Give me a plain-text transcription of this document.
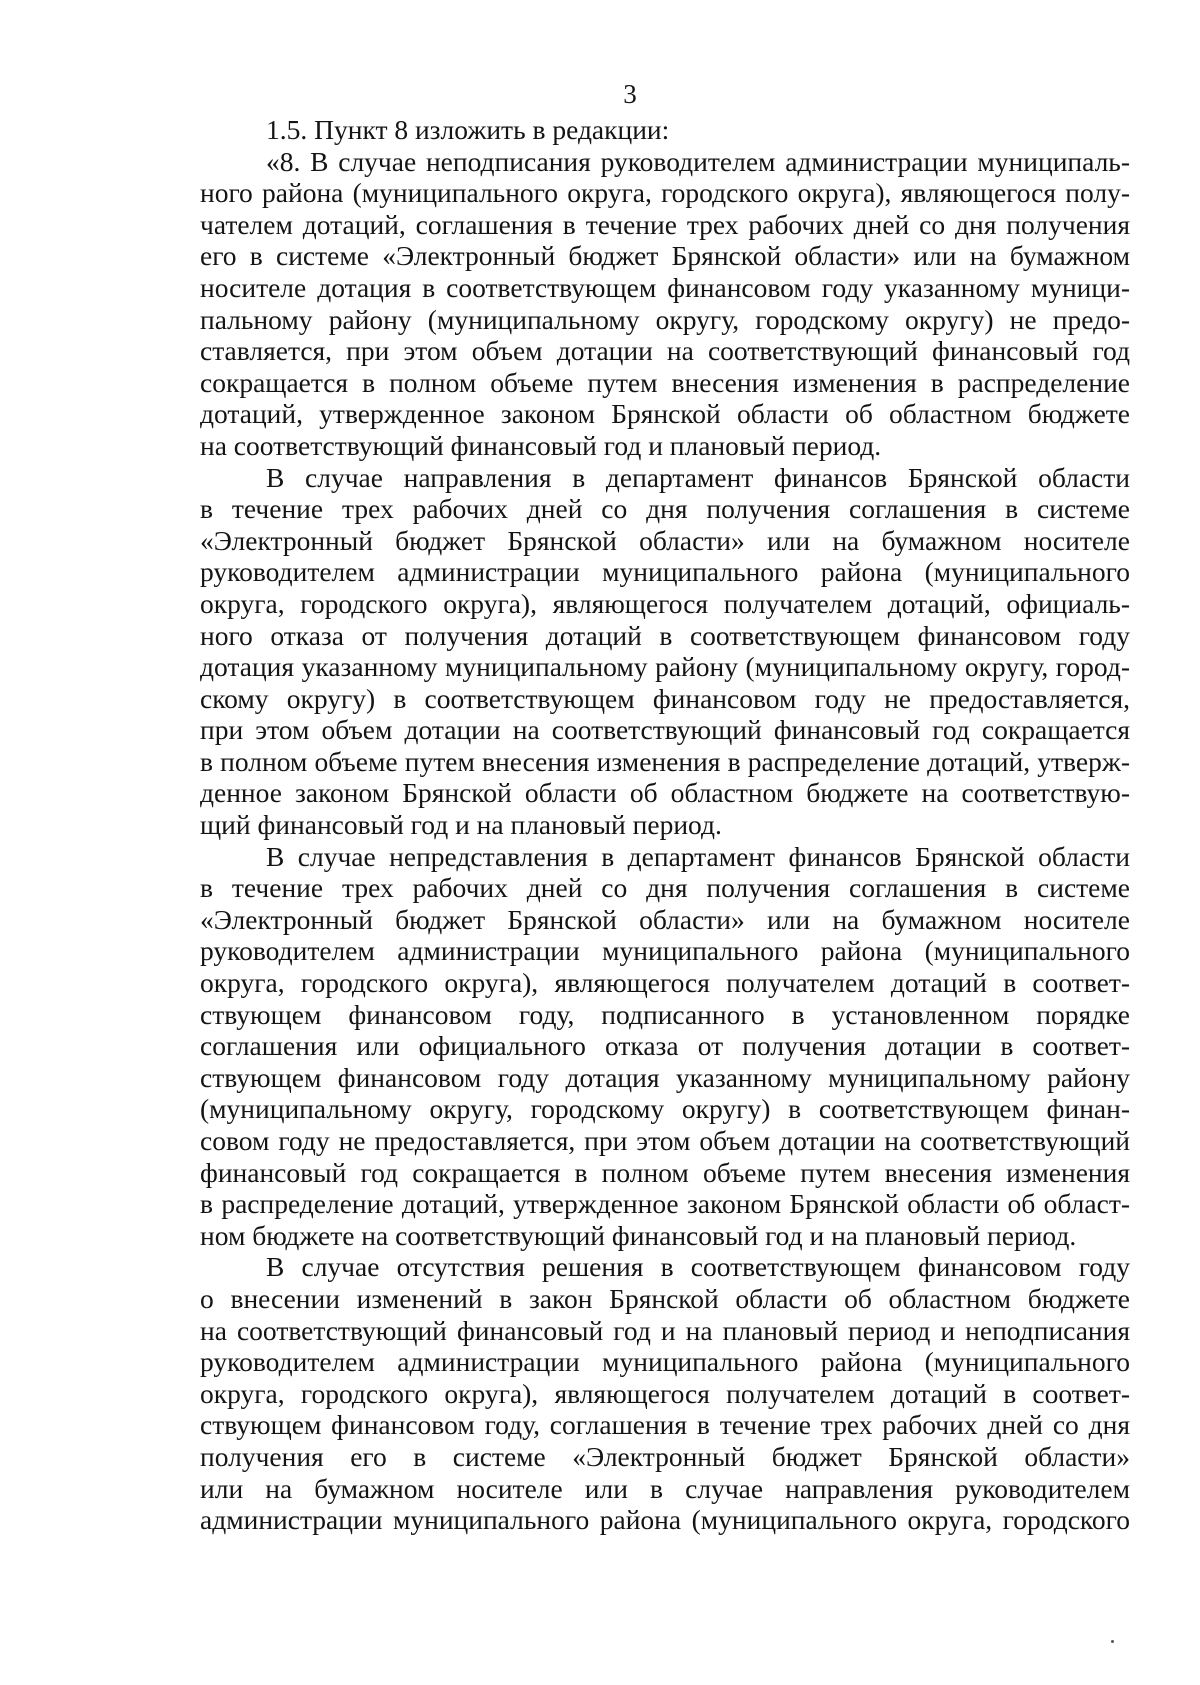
3
1.5. Пункт 8 изложить в редакции:
«8. В случае неподписания руководителем администрации муниципаль-
ного района (муниципального округа, городского округа), являющегося полу-
чателем дотаций, соглашения в течение трех рабочих дней со дня получения
его в системе «Электронный бюджет Брянской области» или на бумажном
носителе дотация в соответствующем финансовом году указанному муници-
пальному району (муниципальному округу, городскому округу) не предо-
ставляется, при этом объем дотации на соответствующий финансовый год
сокращается в полном объеме путем внесения изменения в распределение
дотаций, утвержденное законом Брянской области об областном бюджете
на соответствующий финансовый год и плановый период.
В случае направления в департамент финансов Брянской области
в течение трех рабочих дней со дня получения соглашения в системе
«Электронный бюджет Брянской области» или на бумажном носителе
руководителем администрации муниципального района (муниципального
округа, городского округа), являющегося получателем дотаций, официаль-
ного отказа от получения дотаций в соответствующем финансовом году
дотация указанному муниципальному району (муниципальному округу, город-
скому округу) в соответствующем финансовом году не предоставляется,
при этом объем дотации на соответствующий финансовый год сокращается
в полном объеме путем внесения изменения в распределение дотаций, утверж-
денное законом Брянской области об областном бюджете на соответствую-
щий финансовый год и на плановый период.
В случае непредставления в департамент финансов Брянской области
в течение трех рабочих дней со дня получения соглашения в системе
«Электронный бюджет Брянской области» или на бумажном носителе
руководителем администрации муниципального района (муниципального
округа, городского округа), являющегося получателем дотаций в соответ-
ствующем финансовом году, подписанного в установленном порядке
соглашения или официального отказа от получения дотации в соответ-
ствующем финансовом году дотация указанному муниципальному району
(муниципальному округу, городскому округу) в соответствующем финан-
совом году не предоставляется, при этом объем дотации на соответствующий
финансовый год сокращается в полном объеме путем внесения изменения
в распределение дотаций, утвержденное законом Брянской области об област-
ном бюджете на соответствующий финансовый год и на плановый период.
В случае отсутствия решения в соответствующем финансовом году
о внесении изменений в закон Брянской области об областном бюджете
на соответствующий финансовый год и на плановый период и неподписания
руководителем администрации муниципального района (муниципального
округа, городского округа), являющегося получателем дотаций в соответ-
ствующем финансовом году, соглашения в течение трех рабочих дней со дня
получения его в системе «Электронный бюджет Брянской области»
или на бумажном носителе или в случае направления руководителем
администрации муниципального района (муниципального округа, городского
